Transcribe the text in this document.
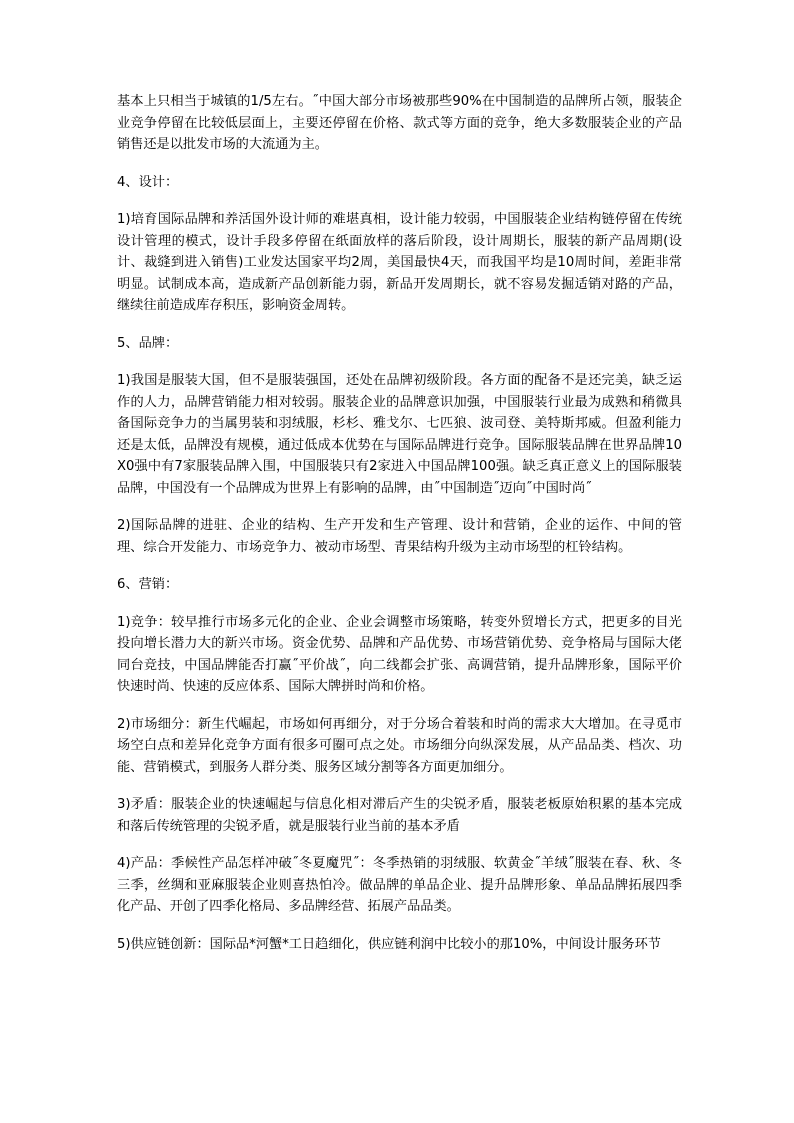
基本上只相当于城镇的1/5左右。˝中国大部分市场被那些90%在中国制造的品牌所占领，服装企业竞争停留在比较低层面上，主要还停留在价格、款式等方面的竞争，绝大多数服装企业的产品销售还是以批发市场的大流通为主。

4、设计：

1)培育国际品牌和养活国外设计师的难堪真相，设计能力较弱，中国服装企业结构链停留在传统设计管理的模式，设计手段多停留在纸面放样的落后阶段，设计周期长，服装的新产品周期(设计、裁缝到进入销售)工业发达国家平均2周，美国最快4天，而我国平均是10周时间，差距非常明显。试制成本高，造成新产品创新能力弱，新品开发周期长，就不容易发掘适销对路的产品，继续往前造成库存积压，影响资金周转。

5、品牌：

1)我国是服装大国，但不是服装强国，还处在品牌初级阶段。各方面的配备不是还完美，缺乏运作的人力，品牌营销能力相对较弱。服装企业的品牌意识加强，中国服装行业最为成熟和稍微具备国际竞争力的当属男装和羽绒服，杉杉、雅戈尔、七匹狼、波司登、美特斯邦威。但盈利能力还是太低，品牌没有规模，通过低成本优势在与国际品牌进行竞争。国际服装品牌在世界品牌10X0强中有7家服装品牌入围，中国服装只有2家进入中国品牌100强。缺乏真正意义上的国际服装品牌，中国没有一个品牌成为世界上有影响的品牌，由˝中国制造˝迈向˝中国时尚˝

2)国际品牌的进驻、企业的结构、生产开发和生产管理、设计和营销，企业的运作、中间的管理、综合开发能力、市场竞争力、被动市场型、青果结构升级为主动市场型的杠铃结构。

6、营销：

1)竞争：较早推行市场多元化的企业、企业会调整市场策略，转变外贸增长方式，把更多的目光投向增长潜力大的新兴市场。资金优势、品牌和产品优势、市场营销优势、竞争格局与国际大佬同台竞技，中国品牌能否打赢˝平价战˝，向二线都会扩张、高调营销，提升品牌形象，国际平价快速时尚、快速的反应体系、国际大牌拼时尚和价格。

2)市场细分：新生代崛起，市场如何再细分，对于分场合着装和时尚的需求大大增加。在寻觅市场空白点和差异化竞争方面有很多可圈可点之处。市场细分向纵深发展，从产品品类、档次、功能、营销模式，到服务人群分类、服务区域分割等各方面更加细分。

3)矛盾：服装企业的快速崛起与信息化相对滞后产生的尖锐矛盾，服装老板原始积累的基本完成和落后传统管理的尖锐矛盾，就是服装行业当前的基本矛盾

4)产品：季候性产品怎样冲破˝冬夏魔咒˝：冬季热销的羽绒服、软黄金˝羊绒˝服装在春、秋、冬三季，丝绸和亚麻服装企业则喜热怕冷。做品牌的单品企业、提升品牌形象、单品品牌拓展四季化产品、开创了四季化格局、多品牌经营、拓展产品品类。

5)供应链创新：国际品*河蟹*工日趋细化，供应链利润中比较小的那10%，中间设计服务环节
